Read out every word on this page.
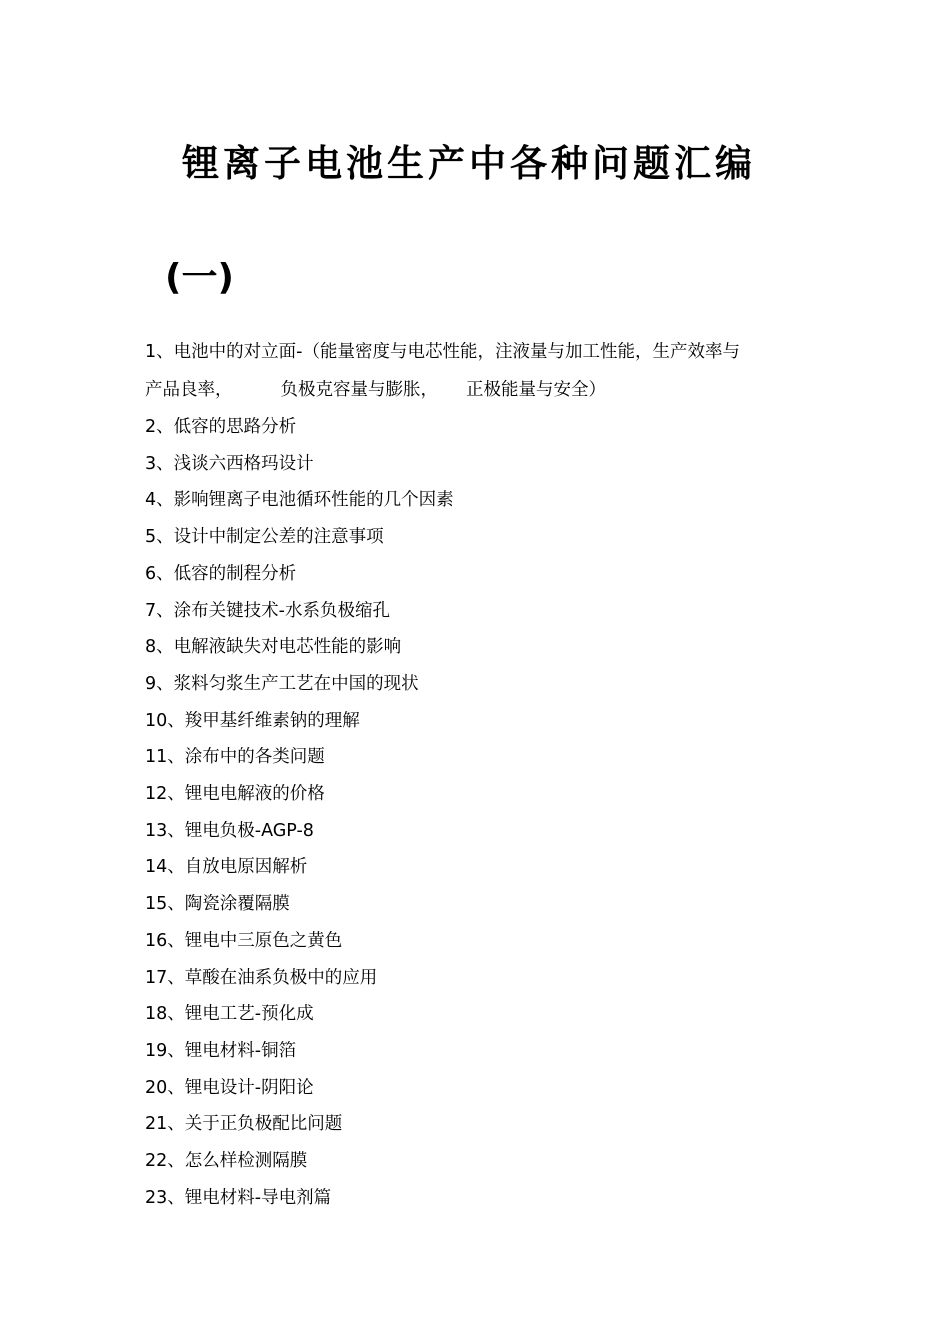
锂离子电池生产中各种问题汇编
(一)
1、电池中的对立面-（能量密度与电芯性能，注液量与加工性能，生产效率与
产品良率，	负极克容量与膨胀， 正极能量与安全）
2、低容的思路分析
3、浅谈六西格玛设计
4、影响锂离子电池循环性能的几个因素
5、设计中制定公差的注意事项
6、低容的制程分析
7、涂布关键技术-水系负极缩孔
8、电解液缺失对电芯性能的影响
9、浆料匀浆生产工艺在中国的现状
10、羧甲基纤维素钠的理解
11、涂布中的各类问题
12、锂电电解液的价格
13、锂电负极-AGP-8
14、自放电原因解析
15、陶瓷涂覆隔膜
16、锂电中三原色之黄色
17、草酸在油系负极中的应用
18、锂电工艺-预化成
19、锂电材料-铜箔
20、锂电设计-阴阳论
21、关于正负极配比问题
22、怎么样检测隔膜
23、锂电材料-导电剂篇
